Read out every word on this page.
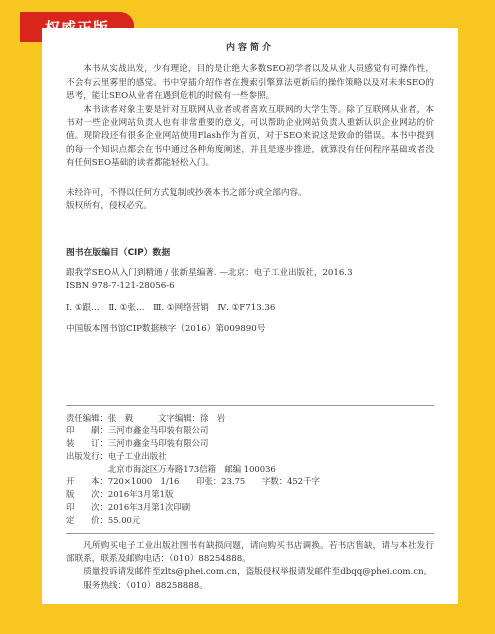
内容简介

本书从实战出发，少有理论，目的是让绝大多数SEO初学者以及从业人员感觉有可操作性，不会有云里雾里的感觉。书中穿插介绍作者在搜索引擎算法更新后的操作策略以及对未来SEO的思考，能让SEO从业者在遇到危机的时候有一些参照。

本书读者对象主要是针对互联网从业者或者喜欢互联网的大学生等。除了互联网从业者，本书对一些企业网站负责人也有非常重要的意义，可以帮助企业网站负责人重新认识企业网站的价值。现阶段还有很多企业网站使用Flash作为首页，对于SEO来说这是致命的错误。本书中提到的每一个知识点都会在书中通过各种角度阐述，并且是逐步推进，就算没有任何程序基础或者没有任何SEO基础的读者都能轻松入门。

未经许可，不得以任何方式复制或抄袭本书之部分或全部内容。

版权所有，侵权必究。

图书在版编目（CIP）数据

跟我学SEO从入门到精通 / 张新星编著. —北京：电子工业出版社，2016.3

ISBN 978-7-121-28056-6

Ⅰ. ①跟…　Ⅱ. ①张…　Ⅲ. ①网络营销　Ⅳ. ①F713.36

中国版本图书馆CIP数据核字（2016）第009890号

责任编辑：张　毅　　　文字编辑：徐　岩

印　　刷：三河市鑫金马印装有限公司

装　　订：三河市鑫金马印装有限公司

出版发行：电子工业出版社

　　　　　北京市海淀区万寿路173信箱　邮编 100036

开　　本：720×1000　1/16　　印张：23.75　　字数：452千字

版　　次：2016年3月第1版

印　　次：2016年3月第1次印刷

定　　价：55.00元

凡所购买电子工业出版社图书有缺损问题，请向购买书店调换。若书店售缺，请与本社发行部联系，联系及邮购电话：（010）88254888。

质量投诉请发邮件至zlts@phei.com.cn，盗版侵权举报请发邮件至dbqq@phei.com.cn。

服务热线：（010）88258888。
